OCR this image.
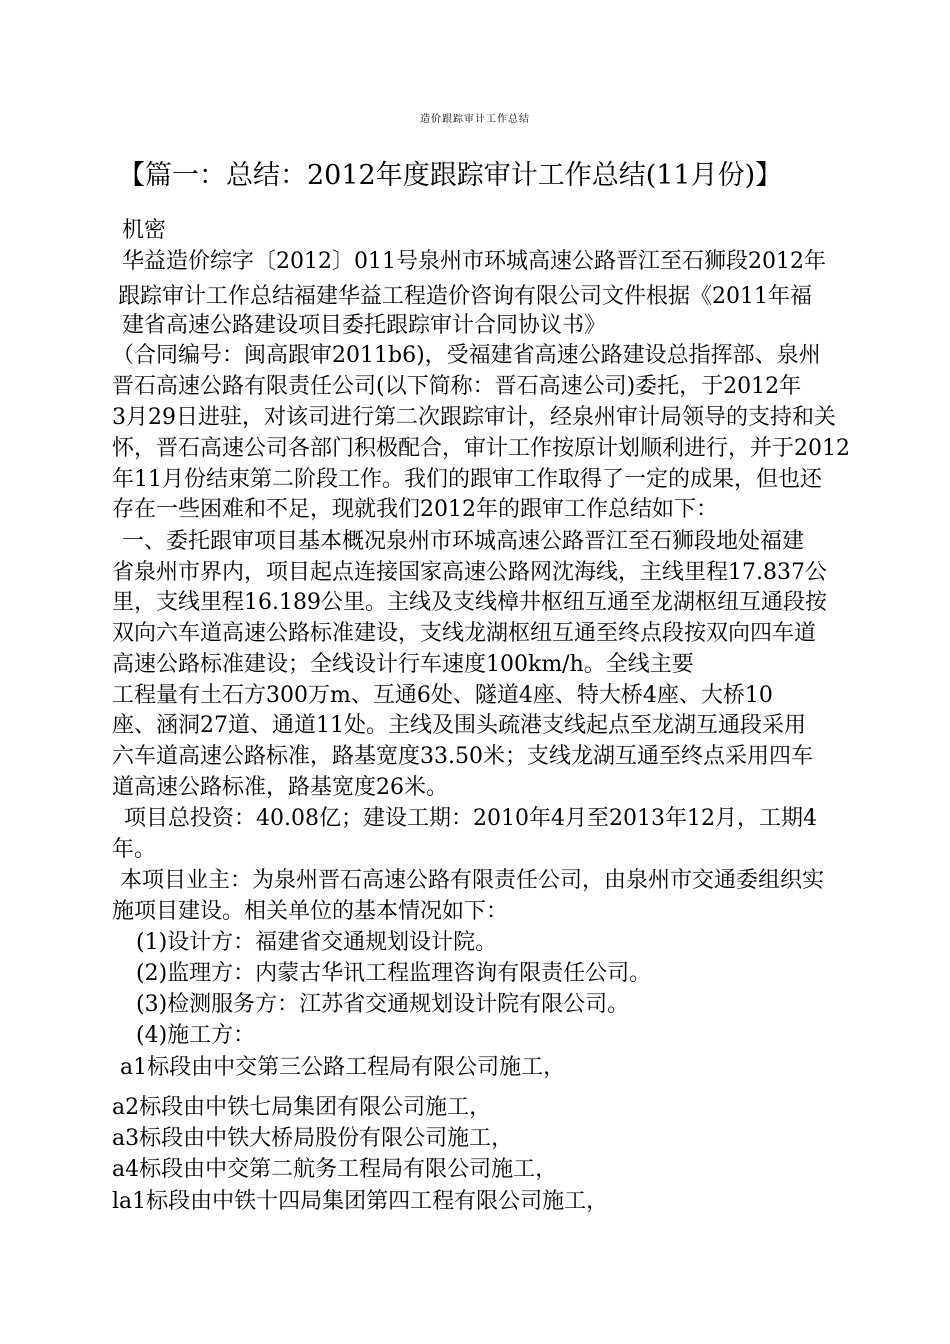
造价跟踪审计工作总结
【篇一：总结：2012年度跟踪审计工作总结(11月份)】
机密
华益造价综字〔2012〕011号泉州市环城高速公路晋江至石狮段2012年
跟踪审计工作总结福建华益工程造价咨询有限公司文件根据《2011年福
建省高速公路建设项目委托跟踪审计合同协议书》
（合同编号：闽高跟审2011b6)，受福建省高速公路建设总指挥部、泉州
晋石高速公路有限责任公司(以下简称：晋石高速公司)委托，于2012年
3月29日进驻，对该司进行第二次跟踪审计，经泉州审计局领导的支持和关
怀，晋石高速公司各部门积极配合，审计工作按原计划顺利进行，并于2012
年11月份结束第二阶段工作。我们的跟审工作取得了一定的成果，但也还
存在一些困难和不足，现就我们2012年的跟审工作总结如下：
一、委托跟审项目基本概况泉州市环城高速公路晋江至石狮段地处福建
省泉州市界内，项目起点连接国家高速公路网沈海线，主线里程17.837公
里，支线里程16.189公里。主线及支线樟井枢纽互通至龙湖枢纽互通段按
双向六车道高速公路标准建设，支线龙湖枢纽互通至终点段按双向四车道
高速公路标准建设；全线设计行车速度100km/h。全线主要
工程量有土石方300万m、互通6处、隧道4座、特大桥4座、大桥10
座、涵洞27道、通道11处。主线及围头疏港支线起点至龙湖互通段采用
六车道高速公路标准，路基宽度33.50米；支线龙湖互通至终点采用四车
道高速公路标准，路基宽度26米。
项目总投资：40.08亿；建设工期：2010年4月至2013年12月，工期4
年。
本项目业主：为泉州晋石高速公路有限责任公司，由泉州市交通委组织实
施项目建设。相关单位的基本情况如下：
(1)设计方：福建省交通规划设计院。
(2)监理方：内蒙古华讯工程监理咨询有限责任公司。
(3)检测服务方：江苏省交通规划设计院有限公司。
(4)施工方：
a1标段由中交第三公路工程局有限公司施工，
a2标段由中铁七局集团有限公司施工，
a3标段由中铁大桥局股份有限公司施工，
a4标段由中交第二航务工程局有限公司施工，
la1标段由中铁十四局集团第四工程有限公司施工，
